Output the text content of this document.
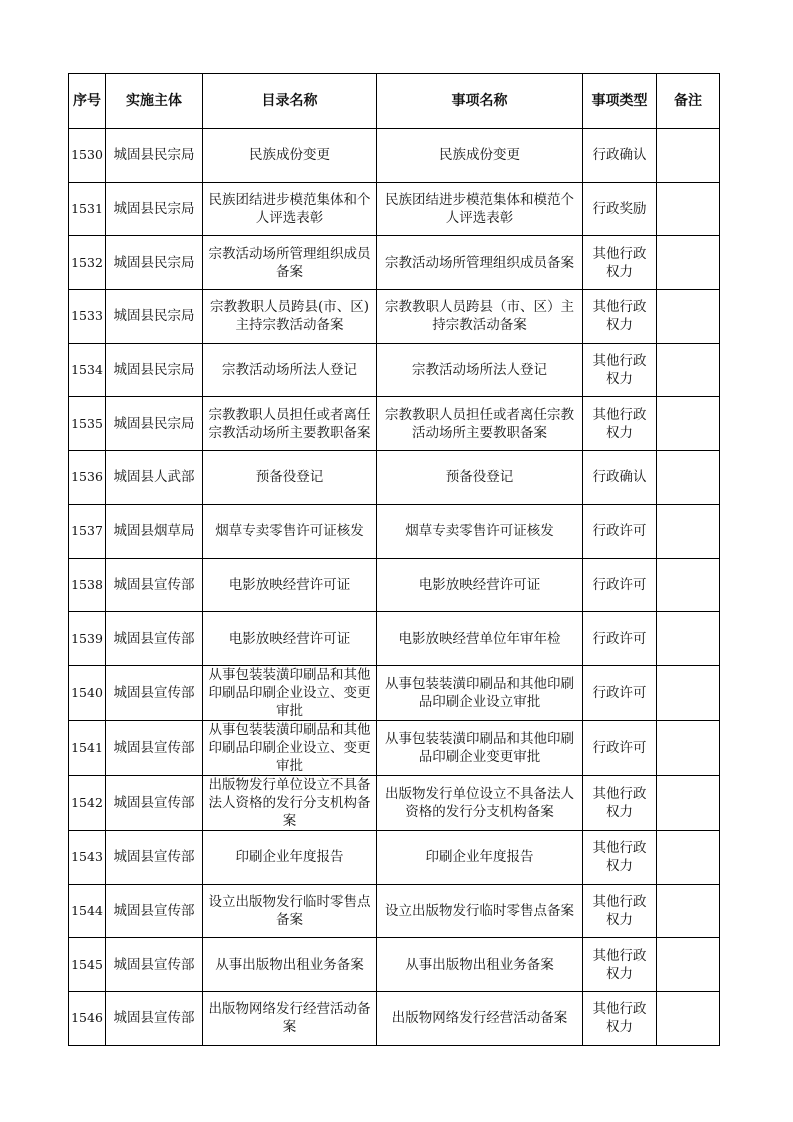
序号	实施主体	目录名称	事项名称	事项类型	备注
1530	城固县民宗局	民族成份变更	民族成份变更	行政确认	
1531	城固县民宗局	民族团结进步模范集体和个人评选表彰	民族团结进步模范集体和模范个人评选表彰	行政奖励	
1532	城固县民宗局	宗教活动场所管理组织成员备案	宗教活动场所管理组织成员备案	其他行政权力	
1533	城固县民宗局	宗教教职人员跨县(市、区)主持宗教活动备案	宗教教职人员跨县（市、区）主持宗教活动备案	其他行政权力	
1534	城固县民宗局	宗教活动场所法人登记	宗教活动场所法人登记	其他行政权力	
1535	城固县民宗局	宗教教职人员担任或者离任宗教活动场所主要教职备案	宗教教职人员担任或者离任宗教活动场所主要教职备案	其他行政权力	
1536	城固县人武部	预备役登记	预备役登记	行政确认	
1537	城固县烟草局	烟草专卖零售许可证核发	烟草专卖零售许可证核发	行政许可	
1538	城固县宣传部	电影放映经营许可证	电影放映经营许可证	行政许可	
1539	城固县宣传部	电影放映经营许可证	电影放映经营单位年审年检	行政许可	
1540	城固县宣传部	从事包装装潢印刷品和其他印刷品印刷企业设立、变更审批	从事包装装潢印刷品和其他印刷品印刷企业设立审批	行政许可	
1541	城固县宣传部	从事包装装潢印刷品和其他印刷品印刷企业设立、变更审批	从事包装装潢印刷品和其他印刷品印刷企业变更审批	行政许可	
1542	城固县宣传部	出版物发行单位设立不具备法人资格的发行分支机构备案	出版物发行单位设立不具备法人资格的发行分支机构备案	其他行政权力	
1543	城固县宣传部	印刷企业年度报告	印刷企业年度报告	其他行政权力	
1544	城固县宣传部	设立出版物发行临时零售点备案	设立出版物发行临时零售点备案	其他行政权力	
1545	城固县宣传部	从事出版物出租业务备案	从事出版物出租业务备案	其他行政权力	
1546	城固县宣传部	出版物网络发行经营活动备案	出版物网络发行经营活动备案	其他行政权力	
